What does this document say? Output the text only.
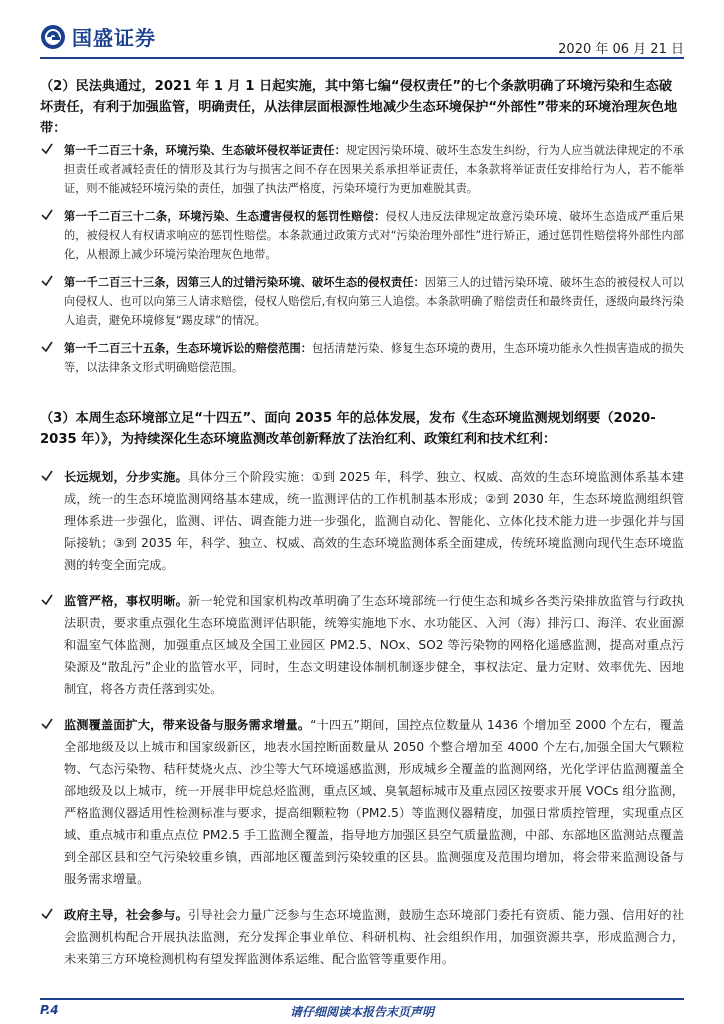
国盛证券	2020 年 06 月 21 日

（2）民法典通过，2021 年 1 月 1 日起实施，其中第七编“侵权责任”的七个条款明确了环境污染和生态破坏责任，有利于加强监管，明确责任，从法律层面根源性地减少生态环境保护“外部性”带来的环境治理灰色地带：

第一千二百三十条，环境污染、生态破坏侵权举证责任：规定因污染环境、破坏生态发生纠纷，行为人应当就法律规定的不承担责任或者减轻责任的情形及其行为与损害之间不存在因果关系承担举证责任，本条款将举证责任安排给行为人，若不能举证，则不能减轻环境污染的责任，加强了执法严格度，污染环境行为更加难脱其责。
第一千二百三十二条，环境污染、生态遭害侵权的惩罚性赔偿：侵权人违反法律规定故意污染环境、破坏生态造成严重后果的，被侵权人有权请求响应的惩罚性赔偿。本条款通过政策方式对“污染治理外部性”进行矫正，通过惩罚性赔偿将外部性内部化，从根源上减少环境污染治理灰色地带。
第一千二百三十三条，因第三人的过错污染环境、破坏生态的侵权责任：因第三人的过错污染环境、破坏生态的被侵权人可以向侵权人、也可以向第三人请求赔偿，侵权人赔偿后,有权向第三人追偿。本条款明确了赔偿责任和最终责任，逐级向最终污染人追责，避免环境修复“踢皮球”的情况。
第一千二百三十五条，生态环境诉讼的赔偿范围：包括清楚污染、修复生态环境的费用，生态环境功能永久性损害造成的损失等，以法律条文形式明确赔偿范围。

（3）本周生态环境部立足“十四五”、面向 2035 年的总体发展，发布《生态环境监测规划纲要（2020-2035 年）》，为持续深化生态环境监测改革创新释放了法治红利、政策红利和技术红利：

长远规划，分步实施。具体分三个阶段实施：①到 2025 年，科学、独立、权威、高效的生态环境监测体系基本建成，统一的生态环境监测网络基本建成，统一监测评估的工作机制基本形成；②到 2030 年，生态环境监测组织管理体系进一步强化，监测、评估、调查能力进一步强化，监测自动化、智能化、立体化技术能力进一步强化并与国际接轨；③到 2035 年，科学、独立、权威、高效的生态环境监测体系全面建成，传统环境监测向现代生态环境监测的转变全面完成。
监管严格，事权明晰。新一轮党和国家机构改革明确了生态环境部统一行使生态和城乡各类污染排放监管与行政执法职责，要求重点强化生态环境监测评估职能，统筹实施地下水、水功能区、入河（海）排污口、海洋、农业面源和温室气体监测，加强重点区域及全国工业园区 PM2.5、NOx、SO2 等污染物的网格化遥感监测，提高对重点污染源及“散乱污”企业的监管水平，同时，生态文明建设体制机制逐步健全，事权法定、量力定财、效率优先、因地制宜，将各方责任落到实处。
监测覆盖面扩大，带来设备与服务需求增量。“十四五”期间，国控点位数量从 1436 个增加至 2000 个左右，覆盖全部地级及以上城市和国家级新区，地表水国控断面数量从 2050 个整合增加至 4000 个左右,加强全国大气颗粒物、气态污染物、秸秆焚烧火点、沙尘等大气环境遥感监测，形成城乡全覆盖的监测网络，光化学评估监测覆盖全部地级及以上城市，统一开展非甲烷总烃监测，重点区域、臭氧超标城市及重点园区按要求开展 VOCs 组分监测，严格监测仪器适用性检测标准与要求，提高细颗粒物（PM2.5）等监测仪器精度，加强日常质控管理，实现重点区域、重点城市和重点点位 PM2.5 手工监测全覆盖，指导地方加强区县空气质量监测，中部、东部地区监测站点覆盖到全部区县和空气污染较重乡镇，西部地区覆盖到污染较重的区县。监测强度及范围均增加，将会带来监测设备与服务需求增量。
政府主导，社会参与。引导社会力量广泛参与生态环境监测，鼓励生态环境部门委托有资质、能力强、信用好的社会监测机构配合开展执法监测，充分发挥企事业单位、科研机构、社会组织作用，加强资源共享，形成监测合力，未来第三方环境检测机构有望发挥监测体系运维、配合监管等重要作用。
P.4	请仔细阅读本报告末页声明
